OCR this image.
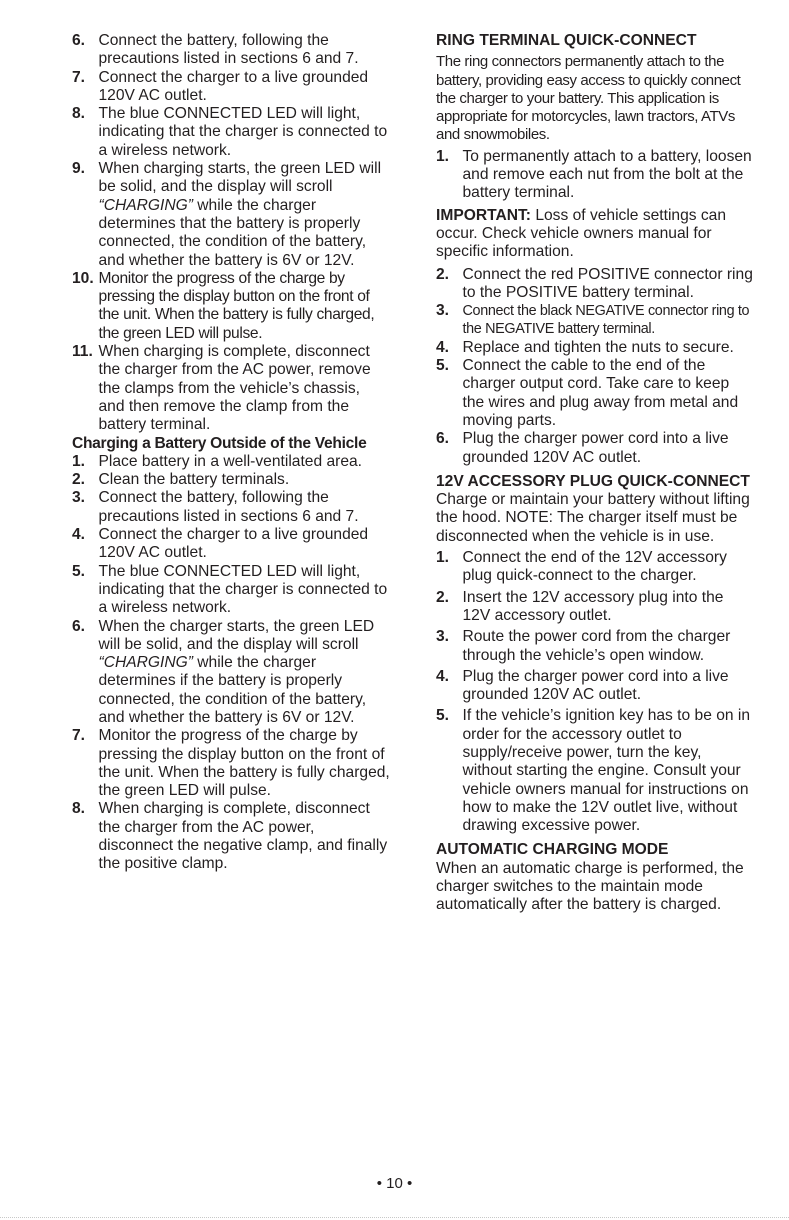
6. Connect the battery, following the precautions listed in sections 6 and 7.
7. Connect the charger to a live grounded 120V AC outlet.
8. The blue CONNECTED LED will light, indicating that the charger is connected to a wireless network.
9. When charging starts, the green LED will be solid, and the display will scroll “CHARGING” while the charger determines that the battery is properly connected, the condition of the battery, and whether the battery is 6V or 12V.
10. Monitor the progress of the charge by pressing the display button on the front of the unit. When the battery is fully charged, the green LED will pulse.
11. When charging is complete, disconnect the charger from the AC power, remove the clamps from the vehicle’s chassis, and then remove the clamp from the battery terminal.
Charging a Battery Outside of the Vehicle
1. Place battery in a well-ventilated area.
2. Clean the battery terminals.
3. Connect the battery, following the precautions listed in sections 6 and 7.
4. Connect the charger to a live grounded 120V AC outlet.
5. The blue CONNECTED LED will light, indicating that the charger is connected to a wireless network.
6. When the charger starts, the green LED will be solid, and the display will scroll “CHARGING” while the charger determines if the battery is properly connected, the condition of the battery, and whether the battery is 6V or 12V.
7. Monitor the progress of the charge by pressing the display button on the front of the unit. When the battery is fully charged, the green LED will pulse.
8. When charging is complete, disconnect the charger from the AC power, disconnect the negative clamp, and finally the positive clamp.
RING TERMINAL QUICK-CONNECT
The ring connectors permanently attach to the battery, providing easy access to quickly connect the charger to your battery. This application is appropriate for motorcycles, lawn tractors, ATVs and snowmobiles.
1. To permanently attach to a battery, loosen and remove each nut from the bolt at the battery terminal.
IMPORTANT: Loss of vehicle settings can occur. Check vehicle owners manual for specific information.
2. Connect the red POSITIVE connector ring to the POSITIVE battery terminal.
3. Connect the black NEGATIVE connector ring to the NEGATIVE battery terminal.
4. Replace and tighten the nuts to secure.
5. Connect the cable to the end of the charger output cord. Take care to keep the wires and plug away from metal and moving parts.
6. Plug the charger power cord into a live grounded 120V AC outlet.
12V ACCESSORY PLUG QUICK-CONNECT
Charge or maintain your battery without lifting the hood. NOTE: The charger itself must be disconnected when the vehicle is in use.
1. Connect the end of the 12V accessory plug quick-connect to the charger.
2. Insert the 12V accessory plug into the 12V accessory outlet.
3. Route the power cord from the charger through the vehicle’s open window.
4. Plug the charger power cord into a live grounded 120V AC outlet.
5. If the vehicle’s ignition key has to be on in order for the accessory outlet to supply/receive power, turn the key, without starting the engine. Consult your vehicle owners manual for instructions on how to make the 12V outlet live, without drawing excessive power.
AUTOMATIC CHARGING MODE
When an automatic charge is performed, the charger switches to the maintain mode automatically after the battery is charged.
• 10 •
